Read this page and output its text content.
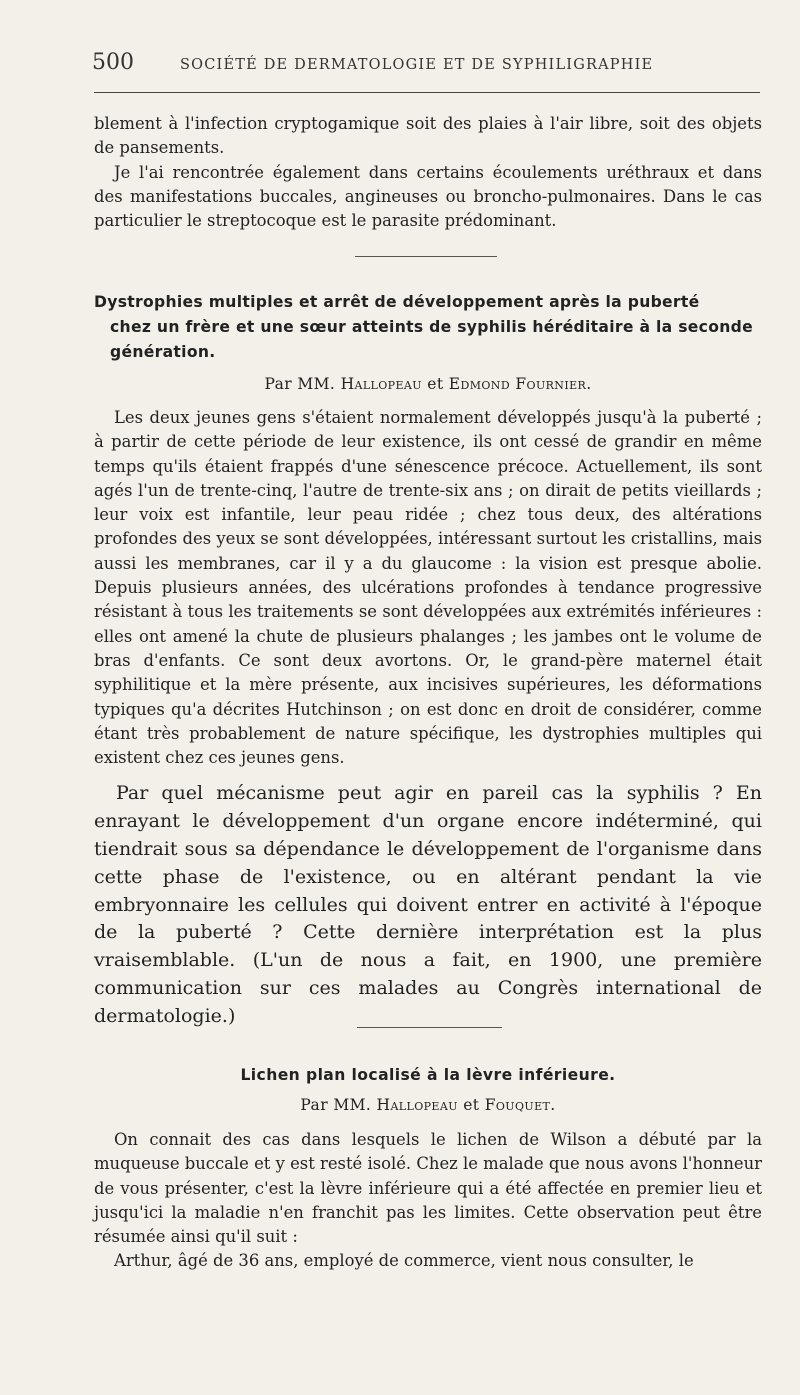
500	SOCIÉTÉ DE DERMATOLOGIE ET DE SYPHILIGRAPHIE

blement à l'infection cryptogamique soit des plaies à l'air libre, soit des objets de pansements.

Je l'ai rencontrée également dans certains écoulements uréthraux et dans des manifestations buccales, angineuses ou broncho-pulmonaires. Dans le cas particulier le streptocoque est le parasite prédominant.

Dystrophies multiples et arrêt de développement après la puberté
chez un frère et une sœur atteints de syphilis héréditaire à la seconde génération.

Par MM. Hallopeau et Edmond Fournier.

Les deux jeunes gens s'étaient normalement développés jusqu'à la puberté ; à partir de cette période de leur existence, ils ont cessé de grandir en même temps qu'ils étaient frappés d'une sénescence précoce. Actuellement, ils sont agés l'un de trente-cinq, l'autre de trente-six ans ; on dirait de petits vieillards ; leur voix est infantile, leur peau ridée ; chez tous deux, des altérations profondes des yeux se sont développées, intéressant surtout les cristallins, mais aussi les membranes, car il y a du glaucome : la vision est presque abolie. Depuis plusieurs années, des ulcérations profondes à tendance progressive résistant à tous les traitements se sont développées aux extrémités inférieures : elles ont amené la chute de plusieurs phalanges ; les jambes ont le volume de bras d'enfants. Ce sont deux avortons. Or, le grand-père maternel était syphilitique et la mère présente, aux incisives supérieures, les déformations typiques qu'a décrites Hutchinson ; on est donc en droit de considérer, comme étant très probablement de nature spécifique, les dystrophies multiples qui existent chez ces jeunes gens.

Par quel mécanisme peut agir en pareil cas la syphilis ? En enrayant le développement d'un organe encore indéterminé, qui tiendrait sous sa dépendance le développement de l'organisme dans cette phase de l'existence, ou en altérant pendant la vie embryonnaire les cellules qui doivent entrer en activité à l'époque de la puberté ? Cette dernière interprétation est la plus vraisemblable. (L'un de nous a fait, en 1900, une première communication sur ces malades au Congrès international de dermatologie.)

Lichen plan localisé à la lèvre inférieure.

Par MM. Hallopeau et Fouquet.

On connait des cas dans lesquels le lichen de Wilson a débuté par la muqueuse buccale et y est resté isolé. Chez le malade que nous avons l'honneur de vous présenter, c'est la lèvre inférieure qui a été affectée en premier lieu et jusqu'ici la maladie n'en franchit pas les limites. Cette observation peut être résumée ainsi qu'il suit :

Arthur, âgé de 36 ans, employé de commerce, vient nous consulter, le
